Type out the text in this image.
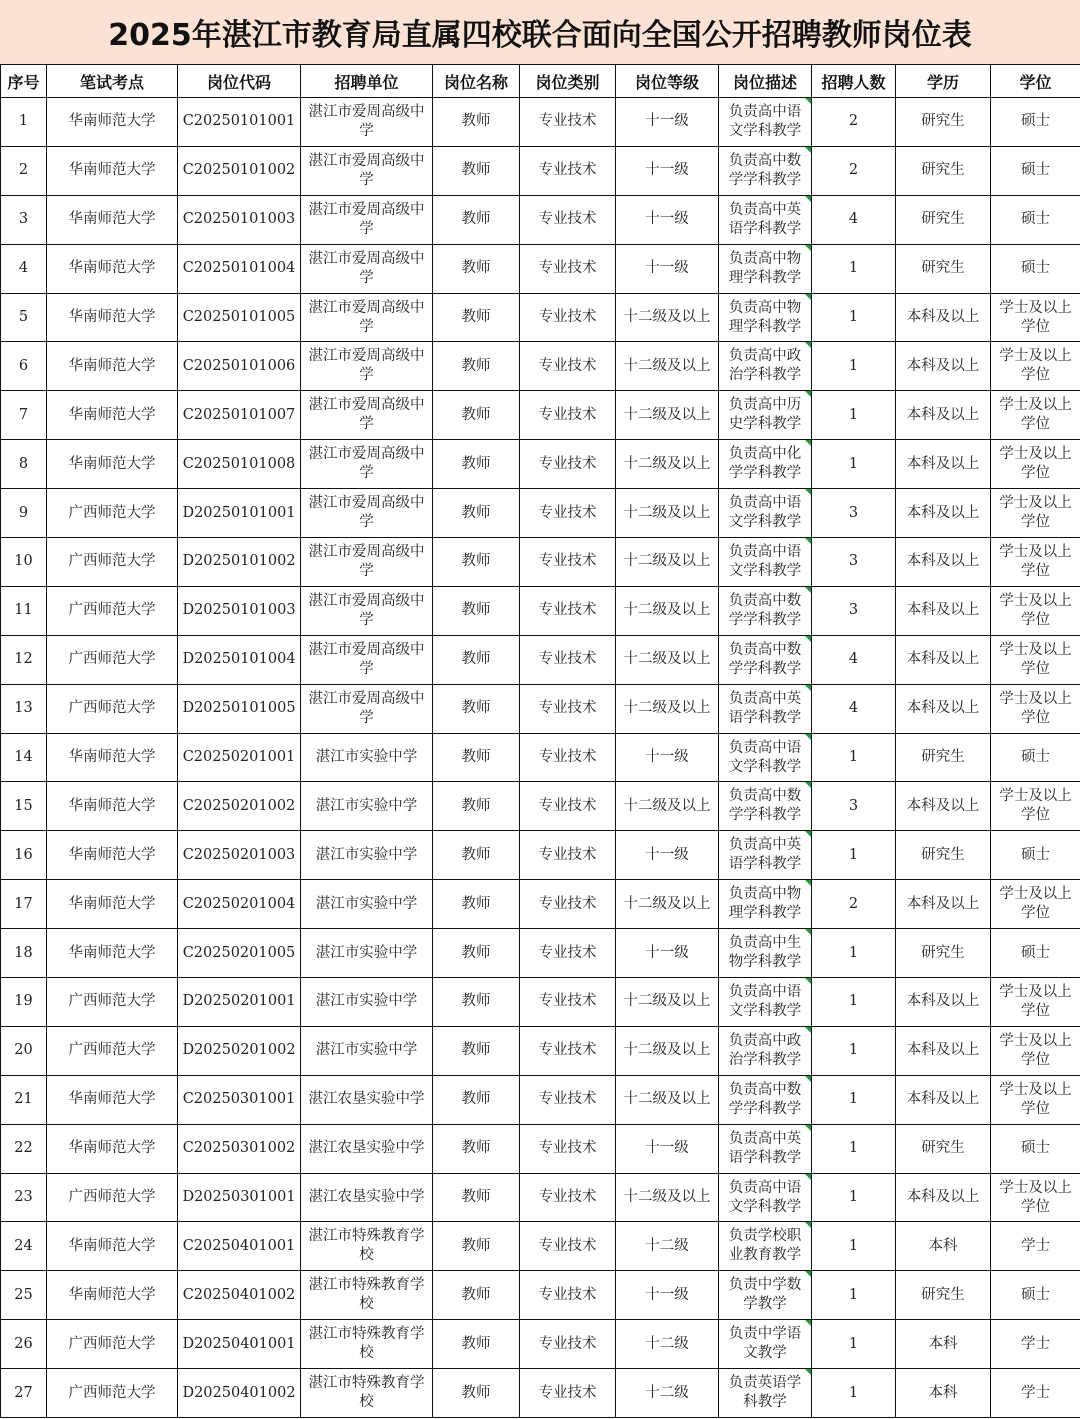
2025年湛江市教育局直属四校联合面向全国公开招聘教师岗位表
序号	笔试考点	岗位代码	招聘单位	岗位名称	岗位类别	岗位等级	岗位描述	招聘人数	学历	学位
1	华南师范大学	C20250101001	湛江市爱周高级中学	教师	专业技术	十一级	负责高中语文学科教学	2	研究生	硕士
2	华南师范大学	C20250101002	湛江市爱周高级中学	教师	专业技术	十一级	负责高中数学学科教学	2	研究生	硕士
3	华南师范大学	C20250101003	湛江市爱周高级中学	教师	专业技术	十一级	负责高中英语学科教学	4	研究生	硕士
4	华南师范大学	C20250101004	湛江市爱周高级中学	教师	专业技术	十一级	负责高中物理学科教学	1	研究生	硕士
5	华南师范大学	C20250101005	湛江市爱周高级中学	教师	专业技术	十二级及以上	负责高中物理学科教学	1	本科及以上	学士及以上学位
6	华南师范大学	C20250101006	湛江市爱周高级中学	教师	专业技术	十二级及以上	负责高中政治学科教学	1	本科及以上	学士及以上学位
7	华南师范大学	C20250101007	湛江市爱周高级中学	教师	专业技术	十二级及以上	负责高中历史学科教学	1	本科及以上	学士及以上学位
8	华南师范大学	C20250101008	湛江市爱周高级中学	教师	专业技术	十二级及以上	负责高中化学学科教学	1	本科及以上	学士及以上学位
9	广西师范大学	D20250101001	湛江市爱周高级中学	教师	专业技术	十二级及以上	负责高中语文学科教学	3	本科及以上	学士及以上学位
10	广西师范大学	D20250101002	湛江市爱周高级中学	教师	专业技术	十二级及以上	负责高中语文学科教学	3	本科及以上	学士及以上学位
11	广西师范大学	D20250101003	湛江市爱周高级中学	教师	专业技术	十二级及以上	负责高中数学学科教学	3	本科及以上	学士及以上学位
12	广西师范大学	D20250101004	湛江市爱周高级中学	教师	专业技术	十二级及以上	负责高中数学学科教学	4	本科及以上	学士及以上学位
13	广西师范大学	D20250101005	湛江市爱周高级中学	教师	专业技术	十二级及以上	负责高中英语学科教学	4	本科及以上	学士及以上学位
14	华南师范大学	C20250201001	湛江市实验中学	教师	专业技术	十一级	负责高中语文学科教学	1	研究生	硕士
15	华南师范大学	C20250201002	湛江市实验中学	教师	专业技术	十二级及以上	负责高中数学学科教学	3	本科及以上	学士及以上学位
16	华南师范大学	C20250201003	湛江市实验中学	教师	专业技术	十一级	负责高中英语学科教学	1	研究生	硕士
17	华南师范大学	C20250201004	湛江市实验中学	教师	专业技术	十二级及以上	负责高中物理学科教学	2	本科及以上	学士及以上学位
18	华南师范大学	C20250201005	湛江市实验中学	教师	专业技术	十一级	负责高中生物学科教学	1	研究生	硕士
19	广西师范大学	D20250201001	湛江市实验中学	教师	专业技术	十二级及以上	负责高中语文学科教学	1	本科及以上	学士及以上学位
20	广西师范大学	D20250201002	湛江市实验中学	教师	专业技术	十二级及以上	负责高中政治学科教学	1	本科及以上	学士及以上学位
21	华南师范大学	C20250301001	湛江农垦实验中学	教师	专业技术	十二级及以上	负责高中数学学科教学	1	本科及以上	学士及以上学位
22	华南师范大学	C20250301002	湛江农垦实验中学	教师	专业技术	十一级	负责高中英语学科教学	1	研究生	硕士
23	广西师范大学	D20250301001	湛江农垦实验中学	教师	专业技术	十二级及以上	负责高中语文学科教学	1	本科及以上	学士及以上学位
24	华南师范大学	C20250401001	湛江市特殊教育学校	教师	专业技术	十二级	负责学校职业教育教学	1	本科	学士
25	华南师范大学	C20250401002	湛江市特殊教育学校	教师	专业技术	十一级	负责中学数学教学	1	研究生	硕士
26	广西师范大学	D20250401001	湛江市特殊教育学校	教师	专业技术	十二级	负责中学语文教学	1	本科	学士
27	广西师范大学	D20250401002	湛江市特殊教育学校	教师	专业技术	十二级	负责英语学科教学	1	本科	学士
